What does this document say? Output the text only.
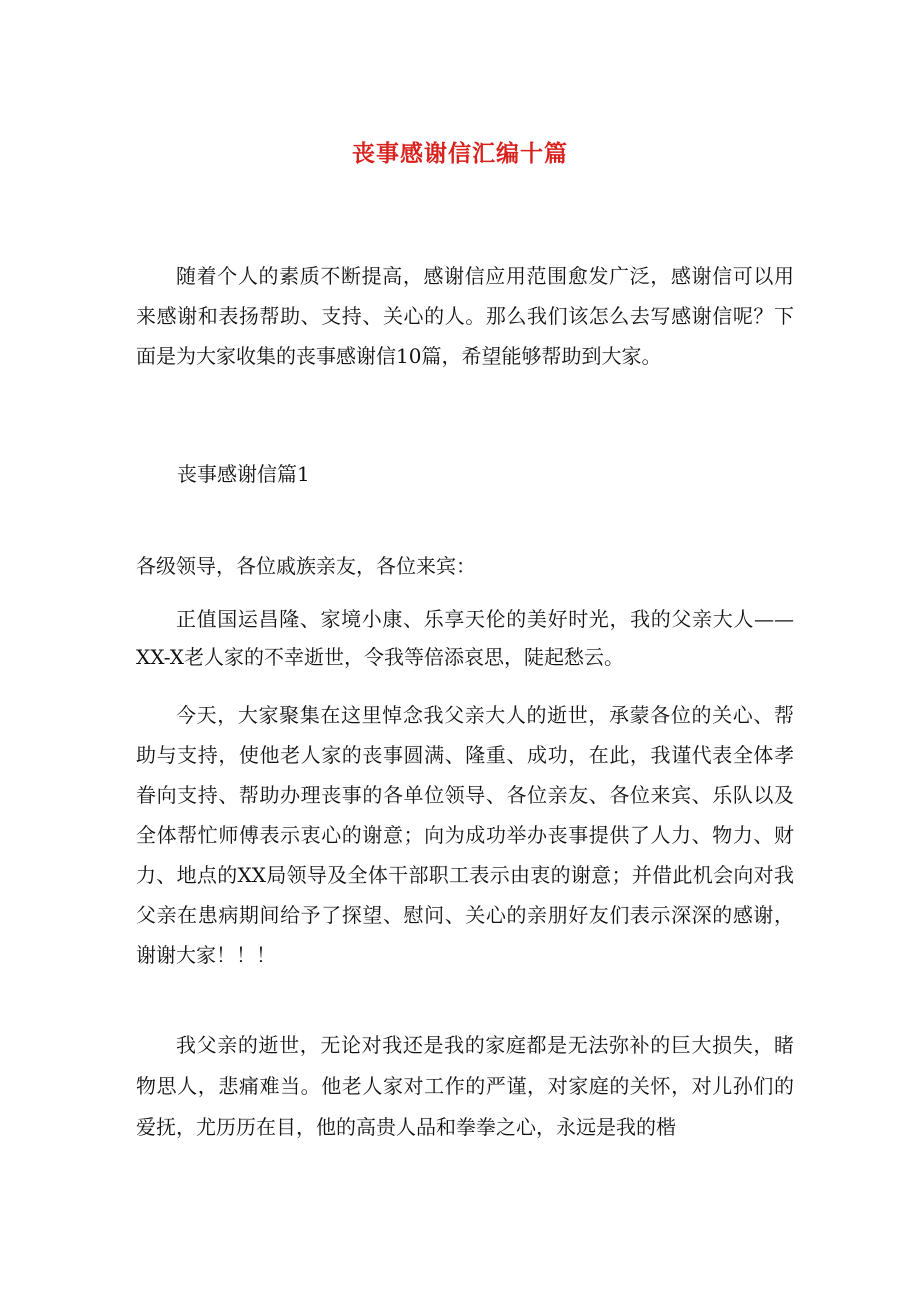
丧事感谢信汇编十篇

随着个人的素质不断提高，感谢信应用范围愈发广泛，感谢信可以用来感谢和表扬帮助、支持、关心的人。那么我们该怎么去写感谢信呢？下面是为大家收集的丧事感谢信10篇，希望能够帮助到大家。

丧事感谢信篇1
各级领导，各位戚族亲友，各位来宾：

正值国运昌隆、家境小康、乐享天伦的美好时光，我的父亲大人——XX-X老人家的不幸逝世，令我等倍添哀思，陡起愁云。

今天，大家聚集在这里悼念我父亲大人的逝世，承蒙各位的关心、帮助与支持，使他老人家的丧事圆满、隆重、成功，在此，我谨代表全体孝眷向支持、帮助办理丧事的各单位领导、各位亲友、各位来宾、乐队以及全体帮忙师傅表示衷心的谢意；向为成功举办丧事提供了人力、物力、财力、地点的XX局领导及全体干部职工表示由衷的谢意；并借此机会向对我父亲在患病期间给予了探望、慰问、关心的亲朋好友们表示深深的感谢，谢谢大家！！！

我父亲的逝世，无论对我还是我的家庭都是无法弥补的巨大损失，睹物思人，悲痛难当。他老人家对工作的严谨，对家庭的关怀，对儿孙们的爱抚，尤历历在目，他的高贵人品和拳拳之心，永远是我的楷
